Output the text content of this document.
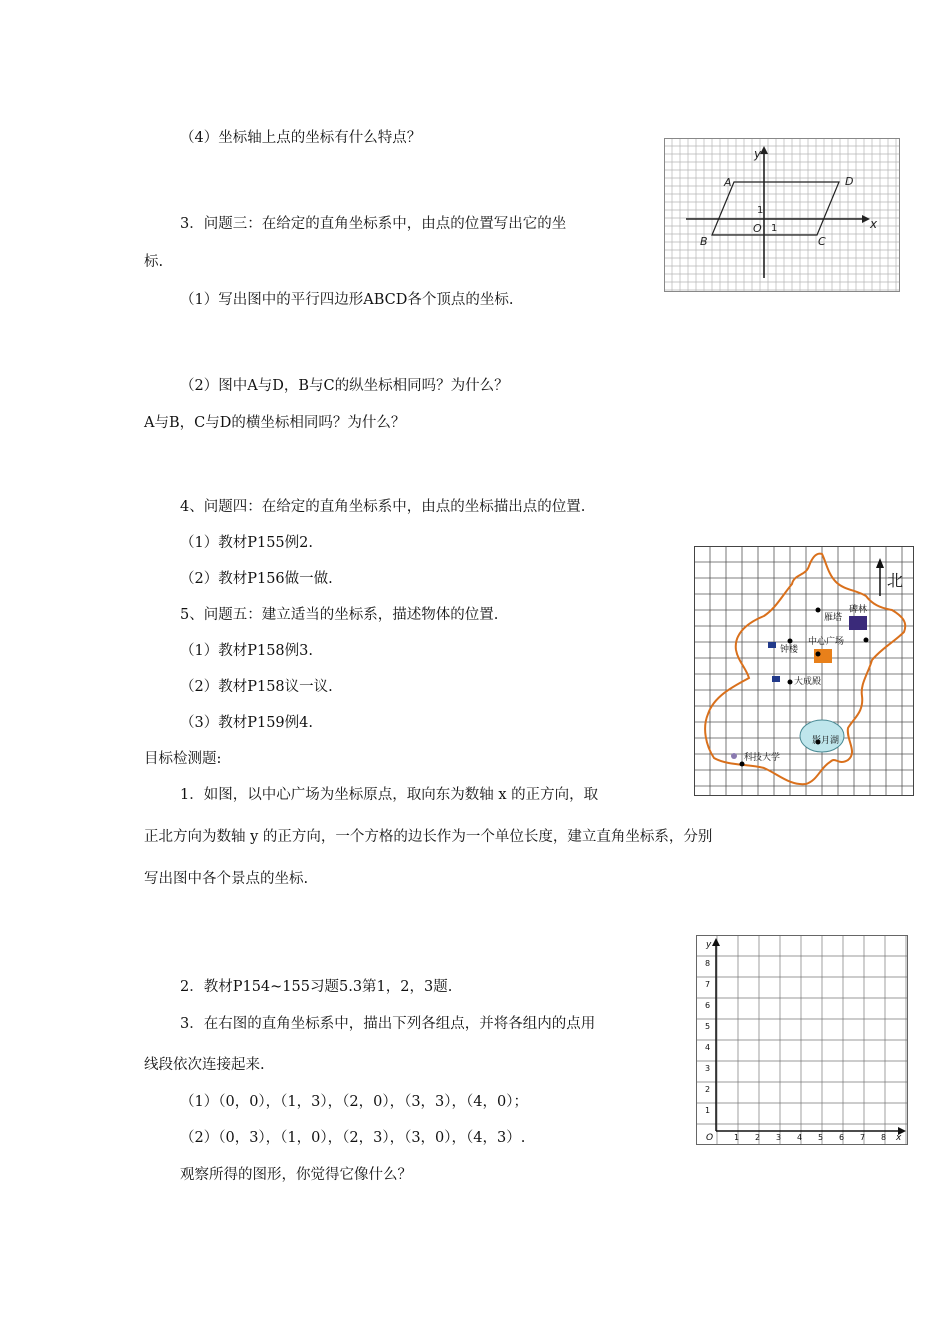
（4）坐标轴上点的坐标有什么特点？
3．问题三：在给定的直角坐标系中，由点的位置写出它的坐
标.
（1）写出图中的平行四边形ABCD各个顶点的坐标.
（2）图中A与D，B与C的纵坐标相同吗？为什么？
A与B，C与D的横坐标相同吗？为什么？
4、问题四：在给定的直角坐标系中，由点的坐标描出点的位置.
（1）教材P155例2.
（2）教材P156做一做.
5、问题五：建立适当的坐标系，描述物体的位置.
（1）教材P158例3.
（2）教材P158议一议.
（3）教材P159例4.
目标检测题:
1．如图，以中心广场为坐标原点，取向东为数轴 x 的正方向，取
正北方向为数轴 y 的正方向，一个方格的边长作为一个单位长度，建立直角坐标系，分别
写出图中各个景点的坐标.
2．教材P154~155习题5.3第1，2，3题.
3．在右图的直角坐标系中，描出下列各组点，并将各组内的点用
线段依次连接起来.
（1）（0，0），（1，3），（2，0），（3，3），（4，0）；
（2）（0，3），（1，0），（2，3），（3，0），（4，3）.
观察所得的图形，你觉得它像什么？
y
x
O 1
1
A	D
B	C
雁塔
碑林
钟楼
中心广场
大成殿
影月湖
科技大学
北
O	x
y
1 2 3 4 5 6 7 8
1
2
3
4
5
6
7
8
